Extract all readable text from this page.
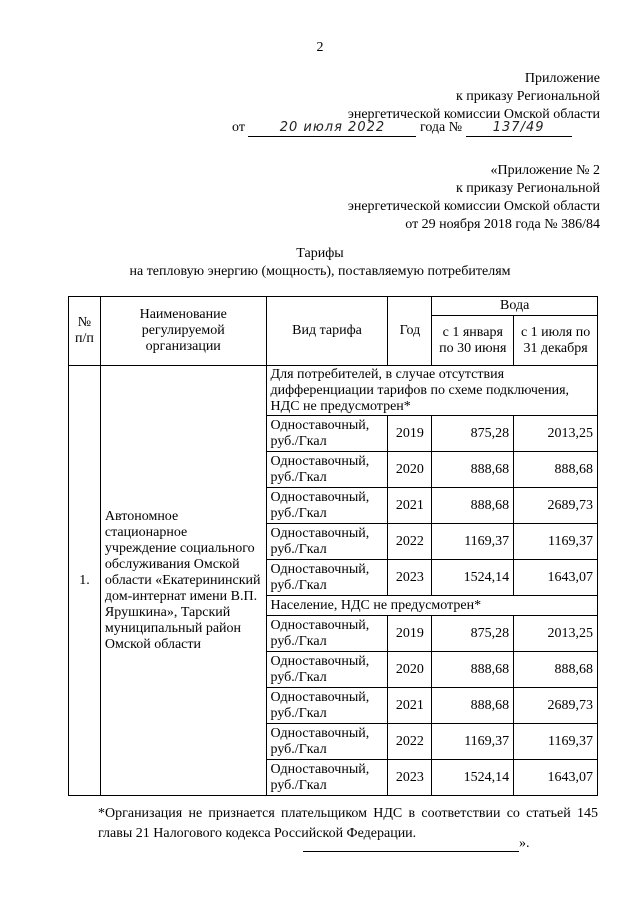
2
Приложение
к приказу Региональной
энергетической комиссии Омской области
от	20 июля 2022 года № 137/49
«Приложение № 2
к приказу Региональной
энергетической комиссии Омской области
от 29 ноября 2018 года № 386/84
Тарифы
на тепловую энергию (мощность), поставляемую потребителям
№ п/п	Наименование регулируемой организации	Вид тарифа	Год	Вода	
				с 1 января по 30 июня	с 1 июля по 31 декабря
1.	Автономное стационарное учреждение социального обслуживания Омской области «Екатерининский дом-интернат имени В.П. Ярушкина», Тарский муниципальный район Омской области	Для потребителей, в случае отсутствия дифференциации тарифов по схеме подключения, НДС не предусмотрен*			
		Одноставочный, руб./Гкал	2019	875,28	2013,25
		Одноставочный, руб./Гкал	2020	888,68	888,68
		Одноставочный, руб./Гкал	2021	888,68	2689,73
		Одноставочный, руб./Гкал	2022	1169,37	1169,37
		Одноставочный, руб./Гкал	2023	1524,14	1643,07
		Население, НДС не предусмотрен*			
		Одноставочный, руб./Гкал	2019	875,28	2013,25
		Одноставочный, руб./Гкал	2020	888,68	888,68
		Одноставочный, руб./Гкал	2021	888,68	2689,73
		Одноставочный, руб./Гкал	2022	1169,37	1169,37
		Одноставочный, руб./Гкал	2023	1524,14	1643,07
*Организация не признается плательщиком НДС в соответствии со статьей 145 главы 21 Налогового кодекса Российской Федерации.
».
